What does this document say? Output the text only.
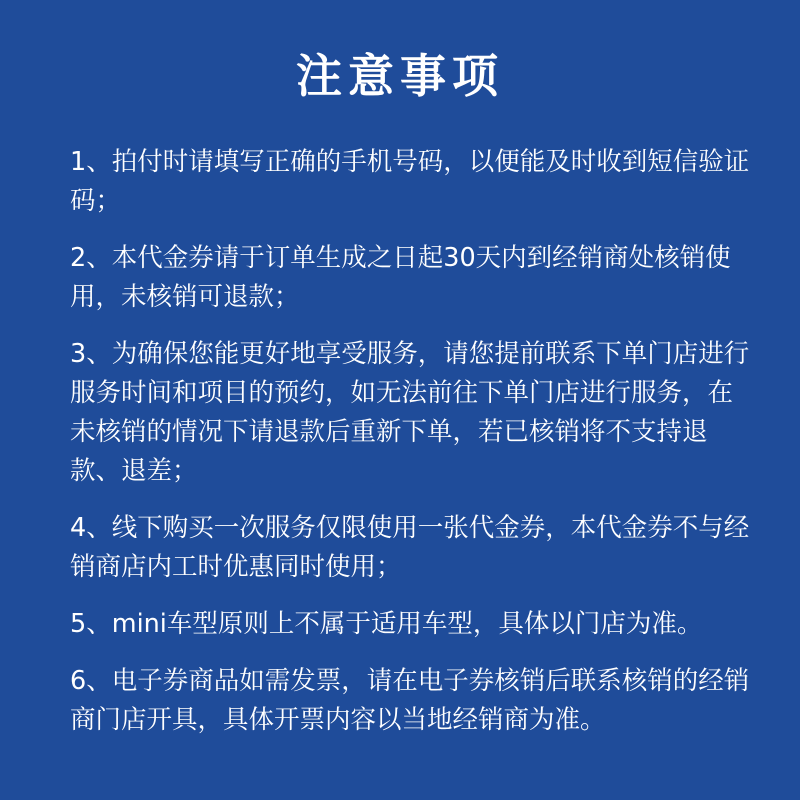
注意事项
1、拍付时请填写正确的手机号码，以便能及时收到短信验证码；
2、本代金券请于订单生成之日起30天内到经销商处核销使用，未核销可退款；
3、为确保您能更好地享受服务，请您提前联系下单门店进行服务时间和项目的预约，如无法前往下单门店进行服务，在未核销的情况下请退款后重新下单，若已核销将不支持退款、退差；
4、线下购买一次服务仅限使用一张代金券，本代金券不与经销商店内工时优惠同时使用；
5、mini车型原则上不属于适用车型，具体以门店为准。
6、电子券商品如需发票，请在电子券核销后联系核销的经销商门店开具，具体开票内容以当地经销商为准。
